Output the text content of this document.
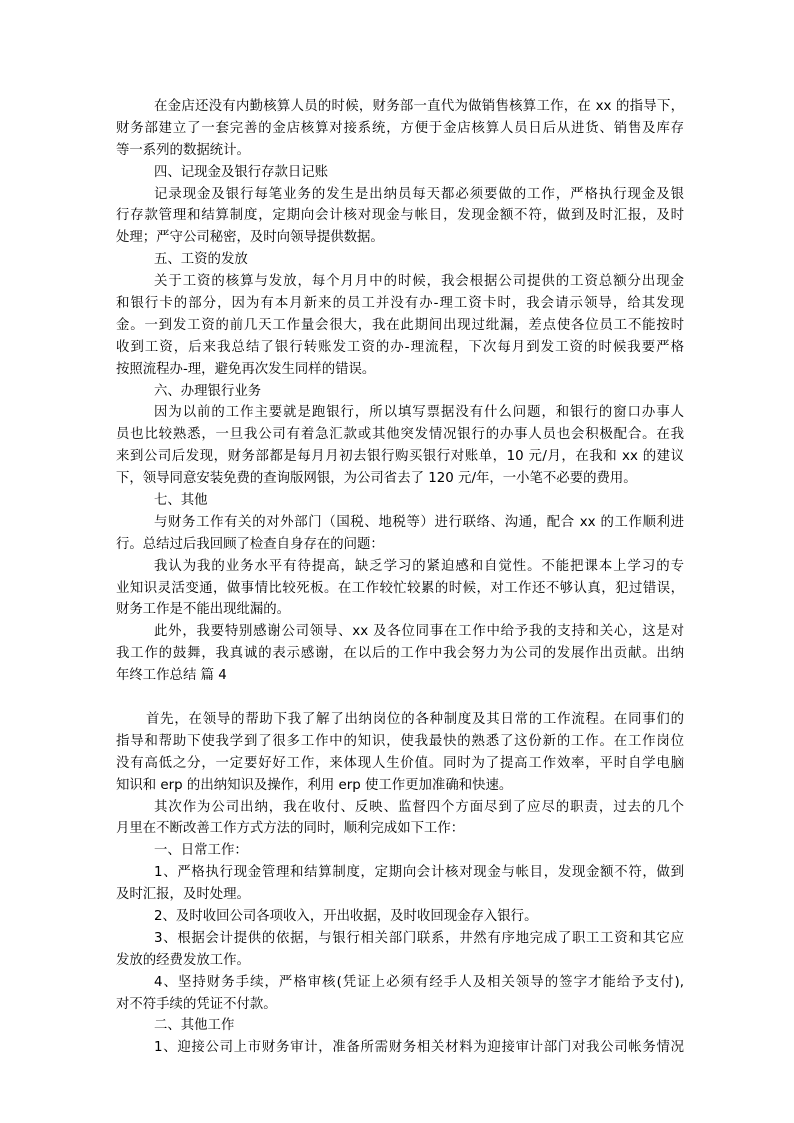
在金店还没有内勤核算人员的时候，财务部一直代为做销售核算工作，在 xx 的指导下，
财务部建立了一套完善的金店核算对接系统，方便于金店核算人员日后从进货、销售及库存
等一系列的数据统计。
四、记现金及银行存款日记账
记录现金及银行每笔业务的发生是出纳员每天都必须要做的工作，严格执行现金及银
行存款管理和结算制度，定期向会计核对现金与帐目，发现金额不符，做到及时汇报，及时
处理；严守公司秘密，及时向领导提供数据。
五、工资的发放
关于工资的核算与发放，每个月月中的时候，我会根据公司提供的工资总额分出现金
和银行卡的部分，因为有本月新来的员工并没有办-理工资卡时，我会请示领导，给其发现
金。一到发工资的前几天工作量会很大，我在此期间出现过纰漏，差点使各位员工不能按时
收到工资，后来我总结了银行转账发工资的办-理流程，下次每月到发工资的时候我要严格
按照流程办-理，避免再次发生同样的错误。
六、办理银行业务
因为以前的工作主要就是跑银行，所以填写票据没有什么问题，和银行的窗口办事人
员也比较熟悉，一旦我公司有着急汇款或其他突发情况银行的办事人员也会积极配合。在我
来到公司后发现，财务部都是每月月初去银行购买银行对账单，10 元/月，在我和 xx 的建议
下，领导同意安装免费的查询版网银，为公司省去了 120 元/年，一小笔不必要的费用。
七、其他
与财务工作有关的对外部门（国税、地税等）进行联络、沟通，配合 xx 的工作顺利进
行。总结过后我回顾了检查自身存在的问题：
我认为我的业务水平有待提高，缺乏学习的紧迫感和自觉性。不能把课本上学习的专
业知识灵活变通，做事情比较死板。在工作较忙较累的时候，对工作还不够认真，犯过错误，
财务工作是不能出现纰漏的。
此外，我要特别感谢公司领导、xx 及各位同事在工作中给予我的支持和关心，这是对
我工作的鼓舞，我真诚的表示感谢，在以后的工作中我会努力为公司的发展作出贡献。出纳
年终工作总结 篇 4
首先，在领导的帮助下我了解了出纳岗位的各种制度及其日常的工作流程。在同事们的
指导和帮助下使我学到了很多工作中的知识，使我最快的熟悉了这份新的工作。在工作岗位
没有高低之分，一定要好好工作，来体现人生价值。同时为了提高工作效率，平时自学电脑
知识和 erp 的出纳知识及操作，利用 erp 使工作更加准确和快速。
其次作为公司出纳，我在收付、反映、监督四个方面尽到了应尽的职责，过去的几个
月里在不断改善工作方式方法的同时，顺利完成如下工作：
一、日常工作：
1、严格执行现金管理和结算制度，定期向会计核对现金与帐目，发现金额不符，做到
及时汇报，及时处理。
2、及时收回公司各项收入，开出收据，及时收回现金存入银行。
3、根据会计提供的依据，与银行相关部门联系，井然有序地完成了职工工资和其它应
发放的经费发放工作。
4、坚持财务手续，严格审核(凭证上必须有经手人及相关领导的签字才能给予支付),
对不符手续的凭证不付款。
二、其他工作
1、迎接公司上市财务审计，准备所需财务相关材料为迎接审计部门对我公司帐务情况
